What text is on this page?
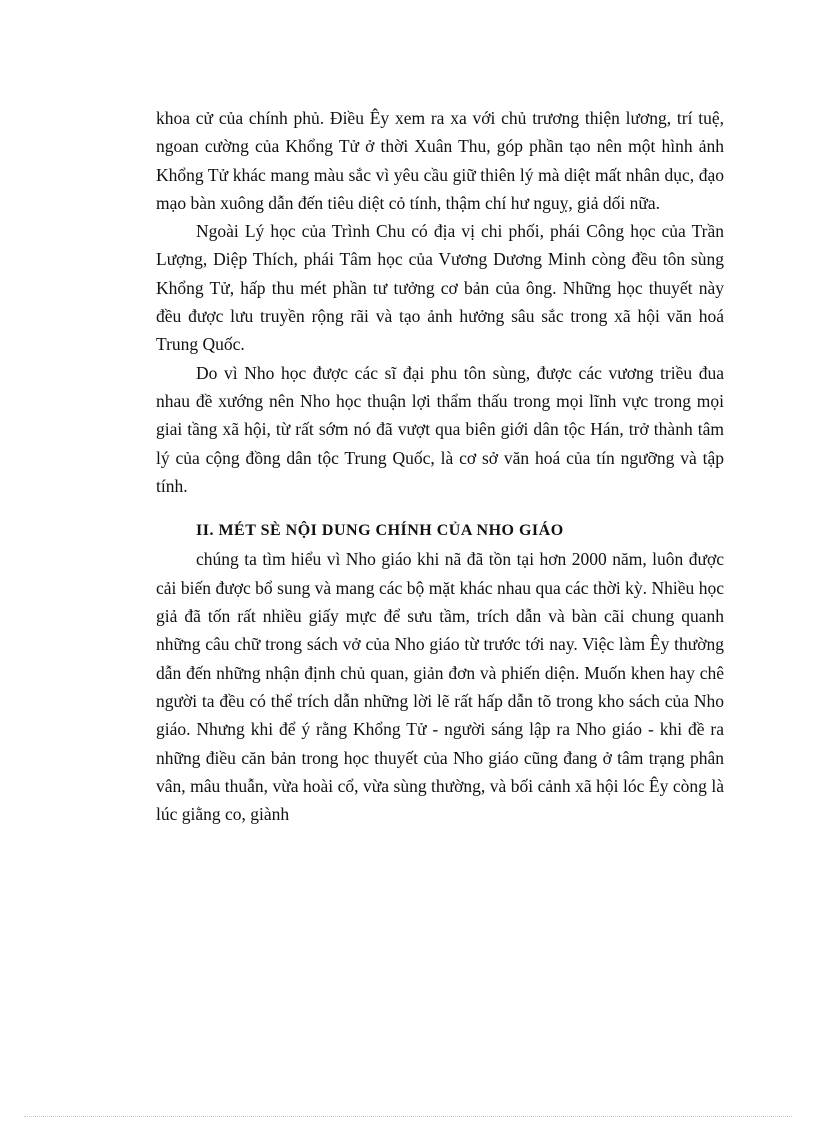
khoa cử của chính phủ. Điều Êy xem ra xa với chủ trương thiện lương, trí tuệ, ngoan cường của Khổng Tử ở thời Xuân Thu, góp phần tạo nên một hình ảnh Khổng Tử khác mang màu sắc vì yêu cầu giữ thiên lý mà diệt mất nhân dục, đạo mạo bàn xuông dẫn đến tiêu diệt cỏ tính, thậm chí hư nguỵ, giả dối nữa.

Ngoài Lý học của Trình Chu có địa vị chi phối, phái Công học của Trần Lượng, Diệp Thích, phái Tâm học của Vương Dương Minh còng đều tôn sùng Khổng Tử, hấp thu mét phần tư tưởng cơ bản của ông. Những học thuyết này đều được lưu truyền rộng rãi và tạo ảnh hưởng sâu sắc trong xã hội văn hoá Trung Quốc.

Do vì Nho học được các sĩ đại phu tôn sùng, được các vương triều đua nhau đề xướng nên Nho học thuận lợi thẩm thấu trong mọi lĩnh vực trong mọi giai tầng xã hội, từ rất sớm nó đã vượt qua biên giới dân tộc Hán, trở thành tâm lý của cộng đồng dân tộc Trung Quốc, là cơ sở văn hoá của tín ngưỡng và tập tính.

II. MÉT SÈ NỘI DUNG CHÍNH CỦA NHO GIÁO

chúng ta tìm hiểu vì Nho giáo khi nã đã tồn tại hơn 2000 năm, luôn được cải biến được bổ sung và mang các bộ mặt khác nhau qua các thời kỳ. Nhiều học giả đã tốn rất nhiều giấy mực để sưu tầm, trích dẫn và bàn cãi chung quanh những câu chữ trong sách vở của Nho giáo từ trước tới nay. Việc làm Êy thường dẫn đến những nhận định chủ quan, giản đơn và phiến diện. Muốn khen hay chê người ta đều có thể trích dẫn những lời lẽ rất hấp dẫn tõ trong kho sách của Nho giáo. Nhưng khi để ý rằng Khổng Tử - người sáng lập ra Nho giáo - khi đề ra những điều căn bản trong học thuyết của Nho giáo cũng đang ở tâm trạng phân vân, mâu thuẫn, vừa hoài cổ, vừa sùng thường, và bối cảnh xã hội lóc Êy còng là lúc giằng co, giành
